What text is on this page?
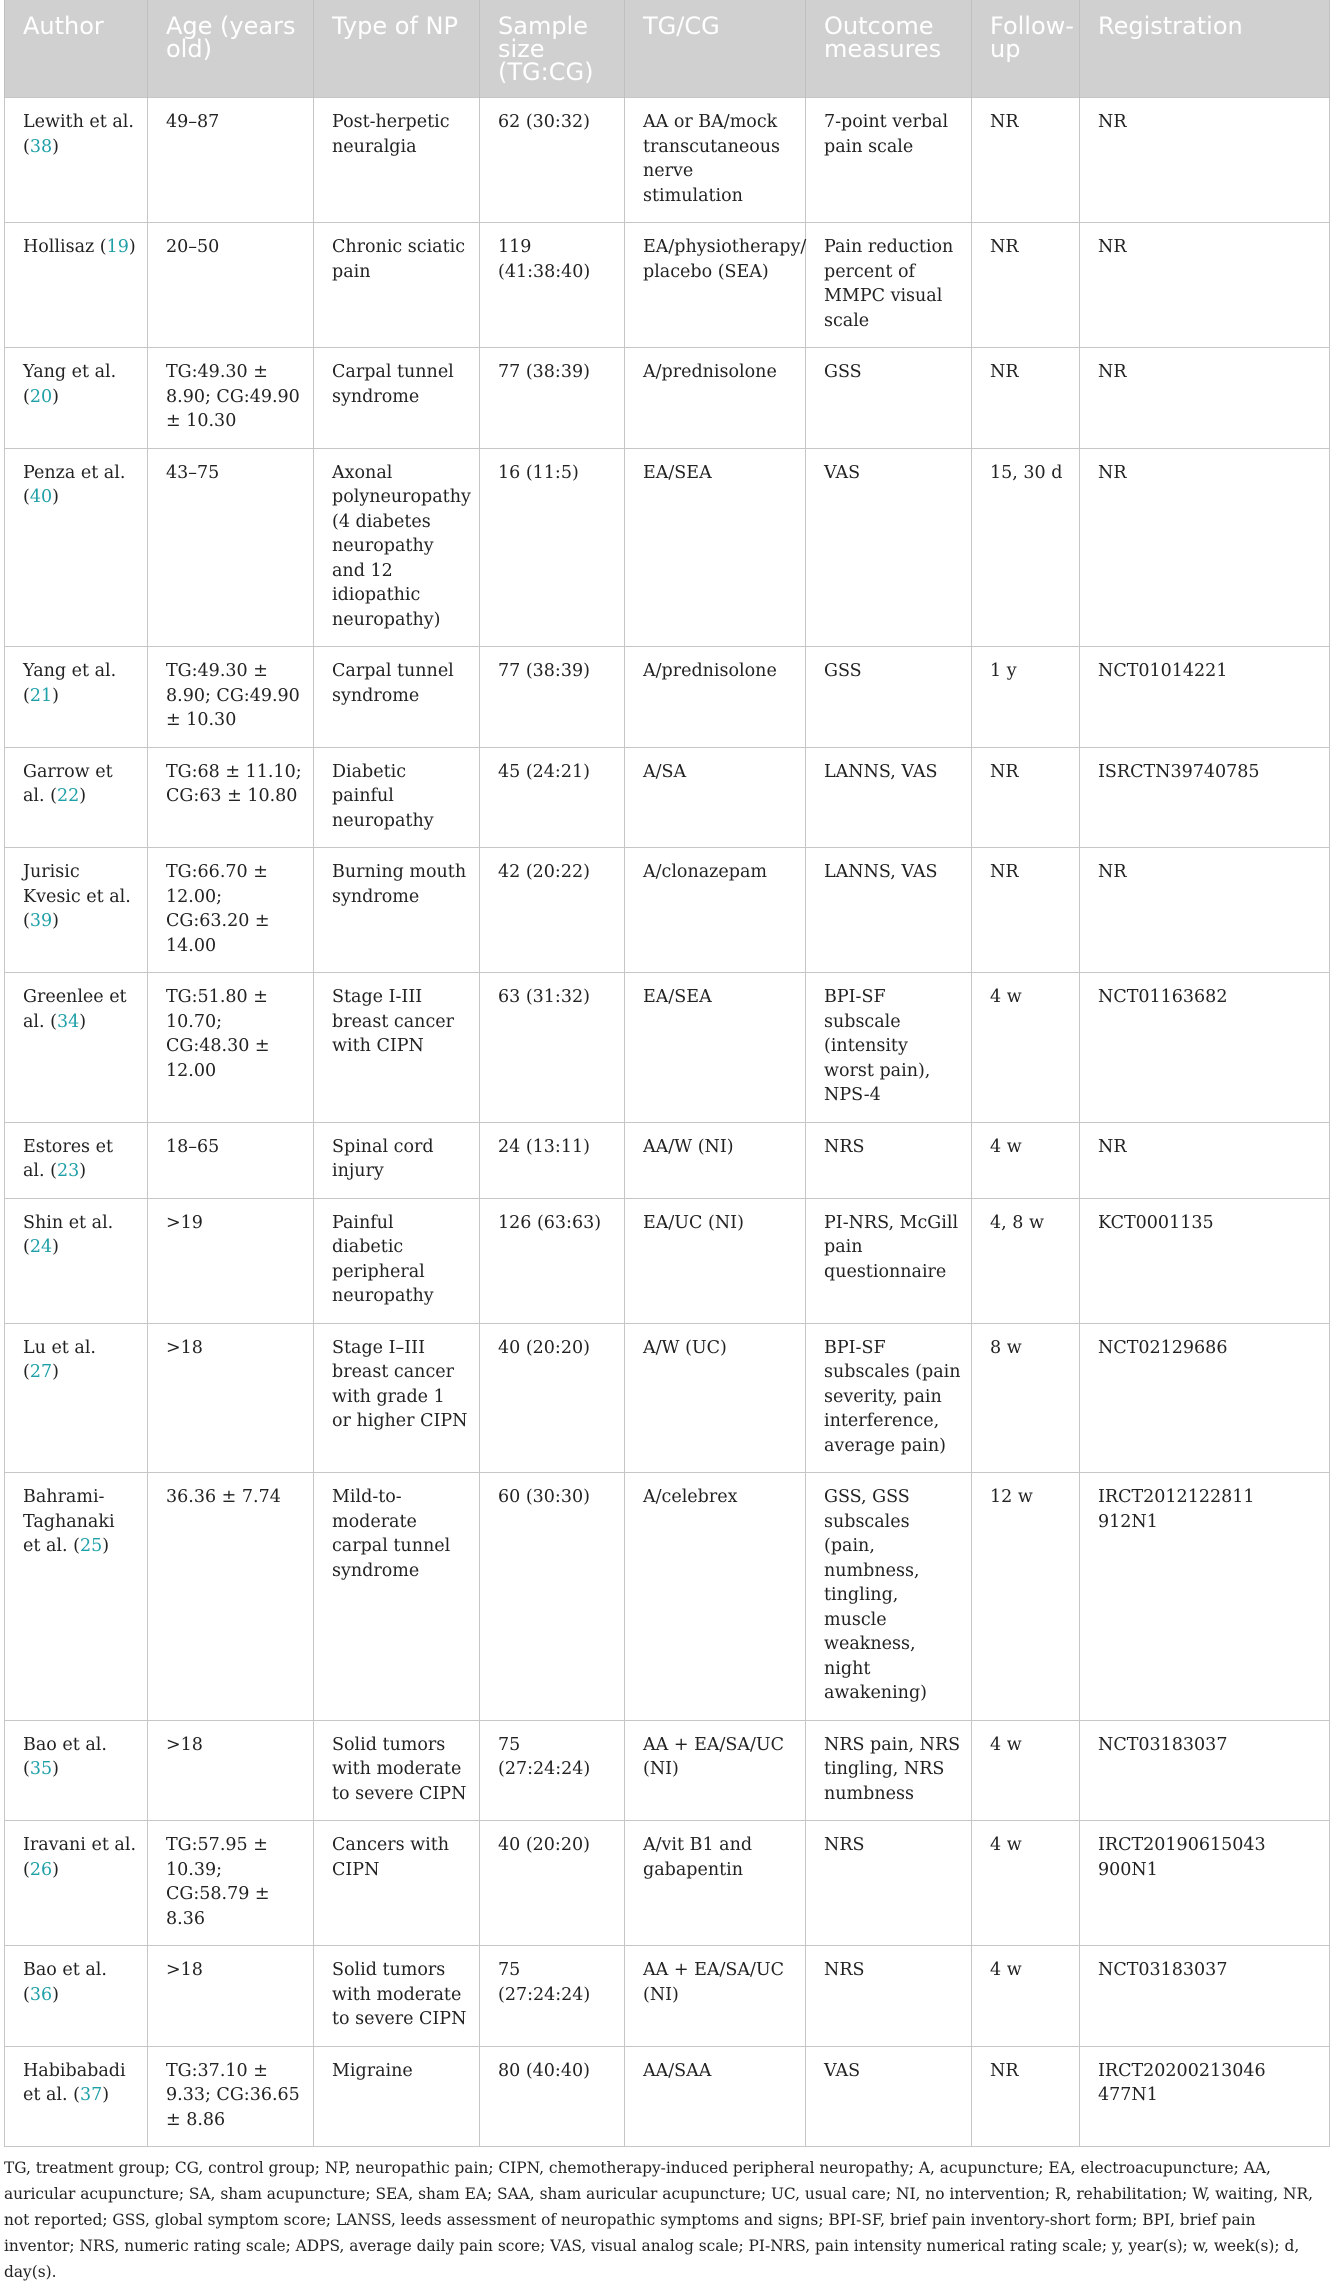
Author	Age (years old)	Type of NP	Sample size (TG:CG)	TG/CG	Outcome measures	Follow-up	Registration
Lewith et al. (38)	49–87	Post-herpetic neuralgia	62 (30:32)	AA or BA/mock transcutaneous nerve stimulation	7-point verbal pain scale	NR	NR
Hollisaz (19)	20–50	Chronic sciatic pain	119 (41:38:40)	EA/physiotherapy/ placebo (SEA)	Pain reduction percent of MMPC visual scale	NR	NR
Yang et al. (20)	TG:49.30 ± 8.90; CG:49.90 ± 10.30	Carpal tunnel syndrome	77 (38:39)	A/prednisolone	GSS	NR	NR
Penza et al. (40)	43–75	Axonal polyneuropathy (4 diabetes neuropathy and 12 idiopathic neuropathy)	16 (11:5)	EA/SEA	VAS	15, 30 d	NR
Yang et al. (21)	TG:49.30 ± 8.90; CG:49.90 ± 10.30	Carpal tunnel syndrome	77 (38:39)	A/prednisolone	GSS	1 y	NCT01014221
Garrow et al. (22)	TG:68 ± 11.10; CG:63 ± 10.80	Diabetic painful neuropathy	45 (24:21)	A/SA	LANNS, VAS	NR	ISRCTN39740785
Jurisic Kvesic et al. (39)	TG:66.70 ± 12.00; CG:63.20 ± 14.00	Burning mouth syndrome	42 (20:22)	A/clonazepam	LANNS, VAS	NR	NR
Greenlee et al. (34)	TG:51.80 ± 10.70; CG:48.30 ± 12.00	Stage I-III breast cancer with CIPN	63 (31:32)	EA/SEA	BPI-SF subscale (intensity worst pain), NPS-4	4 w	NCT01163682
Estores et al. (23)	18–65	Spinal cord injury	24 (13:11)	AA/W (NI)	NRS	4 w	NR
Shin et al. (24)	>19	Painful diabetic peripheral neuropathy	126 (63:63)	EA/UC (NI)	PI-NRS, McGill pain questionnaire	4, 8 w	KCT0001135
Lu et al. (27)	>18	Stage I–III breast cancer with grade 1 or higher CIPN	40 (20:20)	A/W (UC)	BPI-SF subscales (pain severity, pain interference, average pain)	8 w	NCT02129686
Bahrami-Taghanaki et al. (25)	36.36 ± 7.74	Mild-to-moderate carpal tunnel syndrome	60 (30:30)	A/celebrex	GSS, GSS subscales (pain, numbness, tingling, muscle weakness, night awakening)	12 w	IRCT2012122811 912N1
Bao et al. (35)	>18	Solid tumors with moderate to severe CIPN	75 (27:24:24)	AA + EA/SA/UC (NI)	NRS pain, NRS tingling, NRS numbness	4 w	NCT03183037
Iravani et al. (26)	TG:57.95 ± 10.39; CG:58.79 ± 8.36	Cancers with CIPN	40 (20:20)	A/vit B1 and gabapentin	NRS	4 w	IRCT20190615043 900N1
Bao et al. (36)	>18	Solid tumors with moderate to severe CIPN	75 (27:24:24)	AA + EA/SA/UC (NI)	NRS	4 w	NCT03183037
Habibabadi et al. (37)	TG:37.10 ± 9.33; CG:36.65 ± 8.86	Migraine	80 (40:40)	AA/SAA	VAS	NR	IRCT20200213046 477N1

TG, treatment group; CG, control group; NP, neuropathic pain; CIPN, chemotherapy-induced peripheral neuropathy; A, acupuncture; EA, electroacupuncture; AA, auricular acupuncture; SA, sham acupuncture; SEA, sham EA; SAA, sham auricular acupuncture; UC, usual care; NI, no intervention; R, rehabilitation; W, waiting, NR, not reported; GSS, global symptom score; LANSS, leeds assessment of neuropathic symptoms and signs; BPI-SF, brief pain inventory-short form; BPI, brief pain inventor; NRS, numeric rating scale; ADPS, average daily pain score; VAS, visual analog scale; PI-NRS, pain intensity numerical rating scale; y, year(s); w, week(s); d, day(s).
